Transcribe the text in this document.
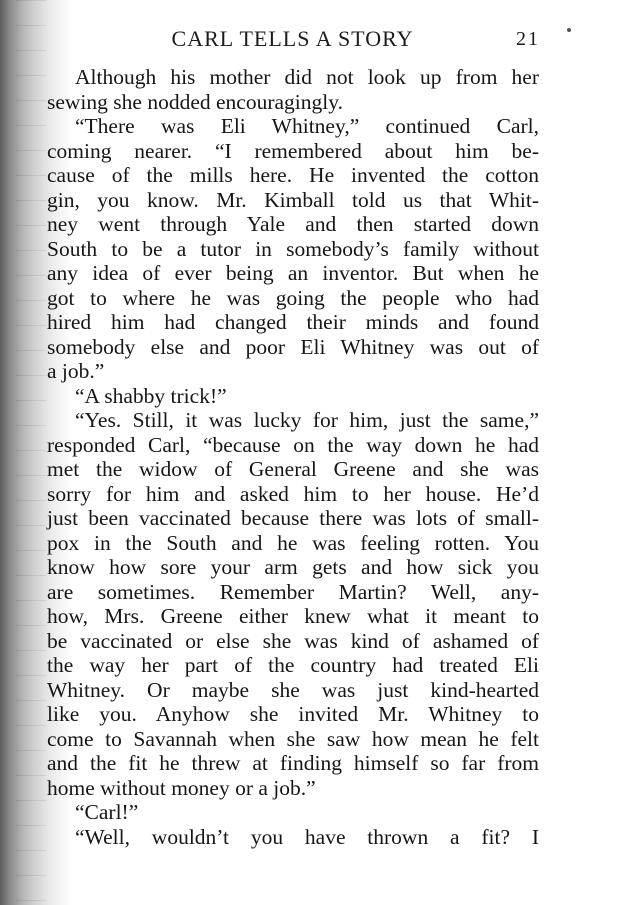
CARL TELLS A STORY	21

Although his mother did not look up from her

sewing she nodded encouragingly.

“There was Eli Whitney,” continued Carl,

coming nearer. “I remembered about him be-

cause of the mills here. He invented the cotton

gin, you know. Mr. Kimball told us that Whit-

ney went through Yale and then started down

South to be a tutor in somebody’s family without

any idea of ever being an inventor. But when he

got to where he was going the people who had

hired him had changed their minds and found

somebody else and poor Eli Whitney was out of

a job.”

“A shabby trick!”

“Yes. Still, it was lucky for him, just the same,”

responded Carl, “because on the way down he had

met the widow of General Greene and she was

sorry for him and asked him to her house. He’d

just been vaccinated because there was lots of small-

pox in the South and he was feeling rotten. You

know how sore your arm gets and how sick you

are sometimes. Remember Martin? Well, any-

how, Mrs. Greene either knew what it meant to

be vaccinated or else she was kind of ashamed of

the way her part of the country had treated Eli

Whitney. Or maybe she was just kind-hearted

like you. Anyhow she invited Mr. Whitney to

come to Savannah when she saw how mean he felt

and the fit he threw at finding himself so far from

home without money or a job.”

“Carl!”

“Well, wouldn’t you have thrown a fit? I
